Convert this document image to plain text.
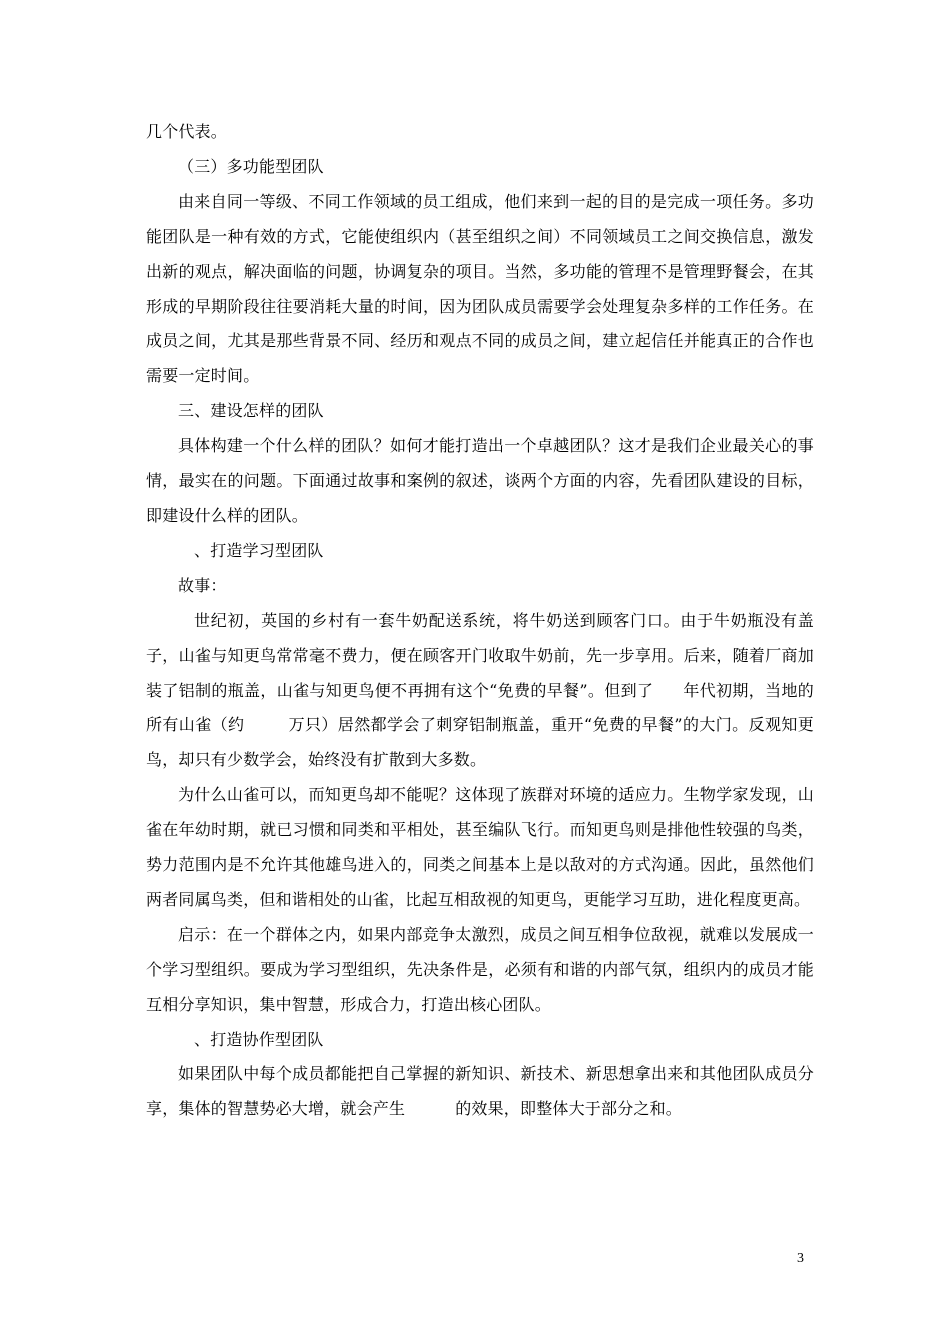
几个代表。

（三）多功能型团队

由来自同一等级、不同工作领域的员工组成，他们来到一起的目的是完成一项任务。多功能团队是一种有效的方式，它能使组织内（甚至组织之间）不同领域员工之间交换信息，激发出新的观点，解决面临的问题，协调复杂的项目。当然，多功能的管理不是管理野餐会，在其形成的早期阶段往往要消耗大量的时间，因为团队成员需要学会处理复杂多样的工作任务。在成员之间，尤其是那些背景不同、经历和观点不同的成员之间，建立起信任并能真正的合作也需要一定时间。

三、建设怎样的团队

具体构建一个什么样的团队？如何才能打造出一个卓越团队？这才是我们企业最关心的事情，最实在的问题。下面通过故事和案例的叙述，谈两个方面的内容，先看团队建设的目标，即建设什么样的团队。

、打造学习型团队

故事：

世纪初，英国的乡村有一套牛奶配送系统，将牛奶送到顾客门口。由于牛奶瓶没有盖子，山雀与知更鸟常常毫不费力，便在顾客开门收取牛奶前，先一步享用。后来，随着厂商加装了铝制的瓶盖，山雀与知更鸟便不再拥有这个“免费的早餐”。但到了 年代初期，当地的所有山雀（约	万只）居然都学会了刺穿铝制瓶盖，重开“免费的早餐”的大门。反观知更鸟，却只有少数学会，始终没有扩散到大多数。

为什么山雀可以，而知更鸟却不能呢？这体现了族群对环境的适应力。生物学家发现，山雀在年幼时期，就已习惯和同类和平相处，甚至编队飞行。而知更鸟则是排他性较强的鸟类，势力范围内是不允许其他雄鸟进入的，同类之间基本上是以敌对的方式沟通。因此，虽然他们两者同属鸟类，但和谐相处的山雀，比起互相敌视的知更鸟，更能学习互助，进化程度更高。

启示：在一个群体之内，如果内部竞争太激烈，成员之间互相争位敌视，就难以发展成一个学习型组织。要成为学习型组织，先决条件是，必须有和谐的内部气氛，组织内的成员才能互相分享知识，集中智慧，形成合力，打造出核心团队。

、打造协作型团队

如果团队中每个成员都能把自己掌握的新知识、新技术、新思想拿出来和其他团队成员分享，集体的智慧势必大增，就会产生	的效果，即整体大于部分之和。

3
